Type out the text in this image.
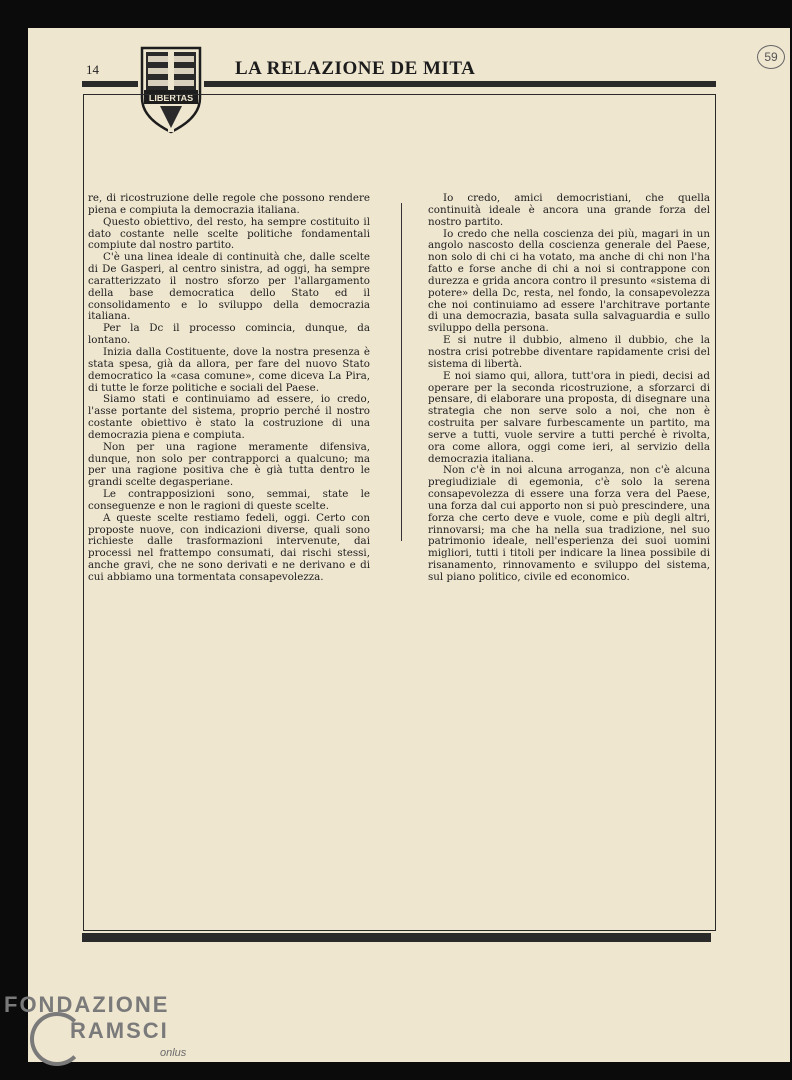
14
LIBERTAS
LA RELAZIONE DE MITA

re, di ricostruzione delle regole che possono rendere piena e compiuta la democrazia italiana.

Questo obiettivo, del resto, ha sempre costituito il dato costante nelle scelte politiche fondamentali compiute dal nostro partito.

C'è una linea ideale di continuità che, dalle scelte di De Gasperi, al centro sinistra, ad oggi, ha sempre caratterizzato il nostro sforzo per l'allargamento della base democratica dello Stato ed il consolidamento e lo sviluppo della democrazia italiana.

Per la Dc il processo comincia, dunque, da lontano.

Inizia dalla Costituente, dove la nostra presenza è stata spesa, già da allora, per fare del nuovo Stato democratico la «casa comune», come diceva La Pira, di tutte le forze politiche e sociali del Paese.

Siamo stati e continuiamo ad essere, io credo, l'asse portante del sistema, proprio perché il nostro costante obiettivo è stato la costruzione di una democrazia piena e compiuta.

Non per una ragione meramente difensiva, dunque, non solo per contrapporci a qualcuno; ma per una ragione positiva che è già tutta dentro le grandi scelte degasperiane.

Le contrapposizioni sono, semmai, state le conseguenze e non le ragioni di queste scelte.

A queste scelte restiamo fedeli, oggi. Certo con proposte nuove, con indicazioni diverse, quali sono richieste dalle trasformazioni intervenute, dai processi nel frattempo consumati, dai rischi stessi, anche gravi, che ne sono derivati e ne derivano e di cui abbiamo una tormentata consapevolezza.

Io credo, amici democristiani, che quella continuità ideale è ancora una grande forza del nostro partito.

Io credo che nella coscienza dei più, magari in un angolo nascosto della coscienza generale del Paese, non solo di chi ci ha votato, ma anche di chi non l'ha fatto e forse anche di chi a noi si contrappone con durezza e grida ancora contro il presunto «sistema di potere» della Dc, resta, nel fondo, la consapevolezza che noi continuiamo ad essere l'architrave portante di una democrazia, basata sulla salvaguardia e sullo sviluppo della persona.

E si nutre il dubbio, almeno il dubbio, che la nostra crisi potrebbe diventare rapidamente crisi del sistema di libertà.

E noi siamo qui, allora, tutt'ora in piedi, decisi ad operare per la seconda ricostruzione, a sforzarci di pensare, di elaborare una proposta, di disegnare una strategia che non serve solo a noi, che non è costruita per salvare furbescamente un partito, ma serve a tutti, vuole servire a tutti perché è rivolta, ora come allora, oggi come ieri, al servizio della democrazia italiana.

Non c'è in noi alcuna arroganza, non c'è alcuna pregiudiziale di egemonia, c'è solo la serena consapevolezza di essere una forza vera del Paese, una forza dal cui apporto non si può prescindere, una forza che certo deve e vuole, come e più degli altri, rinnovarsi; ma che ha nella sua tradizione, nel suo patrimonio ideale, nell'esperienza dei suoi uomini migliori, tutti i titoli per indicare la linea possibile di risanamento, rinnovamento e sviluppo del sistema, sul piano politico, civile ed economico.

59
FONDAZIONE
RAMSCI
onlus
